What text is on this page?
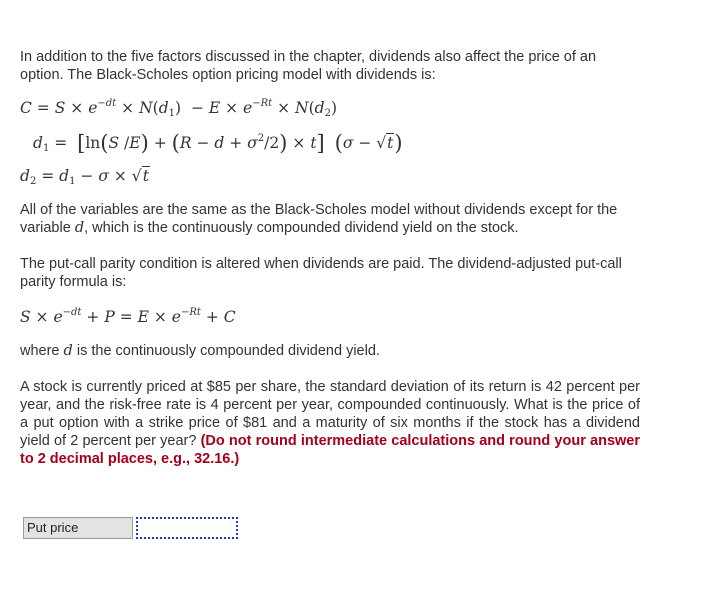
In addition to the five factors discussed in the chapter, dividends also affect the price of an option. The Black-Scholes option pricing model with dividends is:

$C = S \times e^{-dt} \times N(d_1) - E \times e^{-Rt} \times N(d_2)$
$d_1 = [\ln(S$ $/E) + (R - d + \sigma^2/2) \times t$] (σ − √t)
$d_2 = d_1 - \sigma \times √t$

All of the variables are the same as the Black-Scholes model without dividends except for the variable d, which is the continuously compounded dividend yield on the stock.

The put-call parity condition is altered when dividends are paid. The dividend-adjusted put-call parity formula is:

$S \times e^{-dt} + P = E \times e^{-Rt} + C$

where d is the continuously compounded dividend yield.

A stock is currently priced at $85 per share, the standard deviation of its return is 42 percent per year, and the risk-free rate is 4 percent per year, compounded continuously. What is the price of a put option with a strike price of $81 and a maturity of six months if the stock has a dividend yield of 2 percent per year? (Do not round intermediate calculations and round your answer to 2 decimal places, e.g., 32.16.)

Put price
